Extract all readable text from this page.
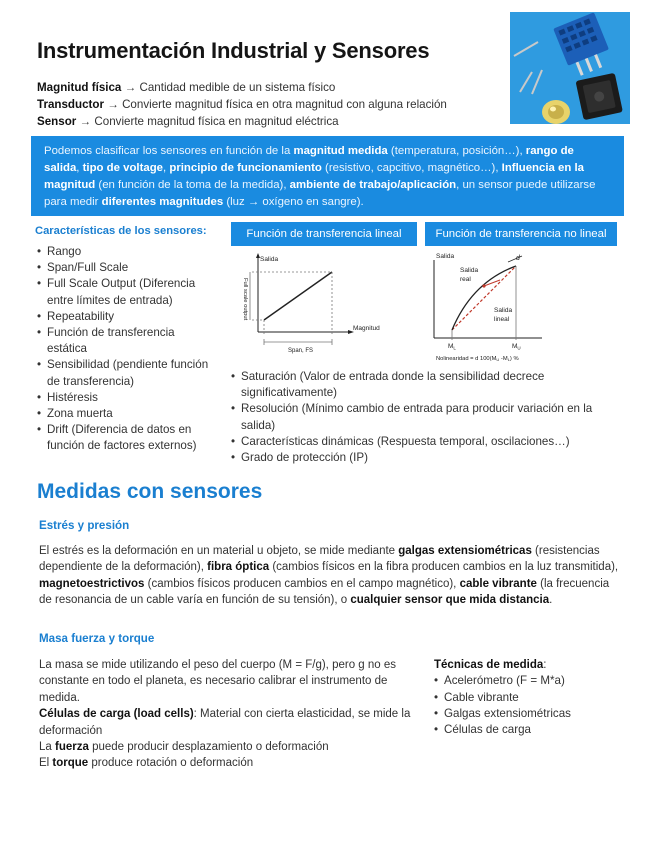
Instrumentación Industrial y Sensores
Magnitud física → Cantidad medible de un sistema físico
Transductor → Convierte magnitud física en otra magnitud con alguna relación
Sensor → Convierte magnitud física en magnitud eléctrica
Podemos clasificar los sensores en función de la magnitud medida (temperatura, posición…), rango de salida, tipo de voltage, principio de funcionamiento (resistivo, capcitivo, magnético…), Influencia en la magnitud (en función de la toma de la medida), ambiente de trabajo/aplicación, un sensor puede utilizarse para medir diferentes magnitudes (luz → oxígeno en sangre).
Características de los sensores:	Función de transferencia lineal	Función de transferencia no lineal
• Rango
• Span/Full Scale
• Full Scale Output (Diferencia entre límites de entrada)
• Repeatability
• Función de transferencia estática
• Sensibilidad (pendiente función de transferencia)
• Histéresis
• Zona muerta
• Drift (Diferencia de datos en función de factores externos)
Salida
Full scale output
Magnitud
Span, FS
Salida
Salida
real
Salida
lineal
d
$M_L$	$M_U$
Nolinearidad = d $100(M_U$ $-M_L$) %
• Saturación (Valor de entrada donde la sensibilidad decrece significativamente)
• Resolución (Mínimo cambio de entrada para producir variación en la salida)
• Características dinámicas (Respuesta temporal, oscilaciones…)
• Grado de protección (IP)
Medidas con sensores
Estrés y presión
El estrés es la deformación en un material u objeto, se mide mediante galgas extensiométricas (resistencias dependiente de la deformación), fibra óptica (cambios físicos en la fibra producen cambios en la luz transmitida), magnetoestrictivos (cambios físicos producen cambios en el campo magnético), cable vibrante (la frecuencia de resonancia de un cable varía en función de su tensión), o cualquier sensor que mida distancia.
Masa fuerza y torque
La masa se mide utilizando el peso del cuerpo (M = F/g), pero g no es constante en todo el planeta, es necesario calibrar el instrumento de medida.
Células de carga (load cells): Material con cierta elasticidad, se mide la deformación
La fuerza puede producir desplazamiento o deformación
El torque produce rotación o deformación
Técnicas de medida:
• Acelerómetro (F = M*a)
• Cable vibrante
• Galgas extensiométricas
• Células de carga
